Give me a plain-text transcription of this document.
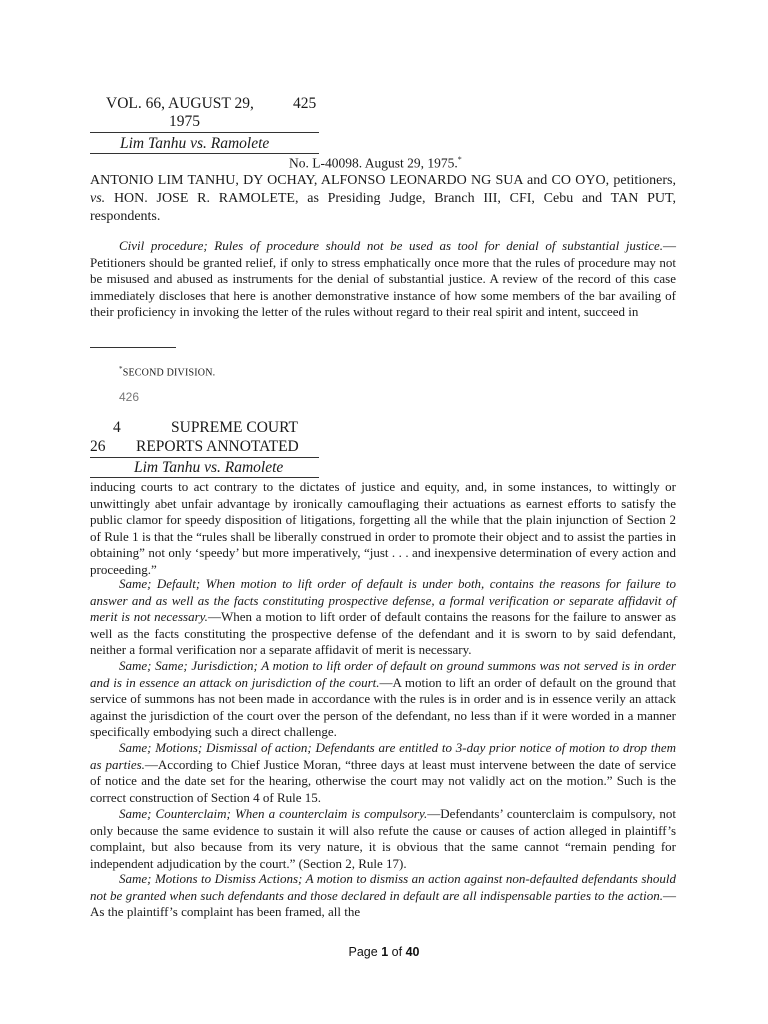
VOL. 66, AUGUST 29,	425
1975
Lim Tanhu vs. Ramolete
No. L-40098. August 29, 1975.*
ANTONIO LIM TANHU, DY OCHAY, ALFONSO LEONARDO NG SUA and CO OYO, petitioners, vs. HON. JOSE R. RAMOLETE, as Presiding Judge, Branch III, CFI, Cebu and TAN PUT, respondents.
Civil procedure; Rules of procedure should not be used as tool for denial of substantial justice.—Petitioners should be granted relief, if only to stress emphatically once more that the rules of procedure may not be misused and abused as instruments for the denial of substantial justice. A review of the record of this case immediately discloses that here is another demonstrative instance of how some members of the bar availing of their proficiency in invoking the letter of the rules without regard to their real spirit and intent, succeed in
*SECOND DIVISION.
426
4	SUPREME COURT
26 REPORTS ANNOTATED
Lim Tanhu vs. Ramolete
inducing courts to act contrary to the dictates of justice and equity, and, in some instances, to wittingly or unwittingly abet unfair advantage by ironically camouflaging their actuations as earnest efforts to satisfy the public clamor for speedy disposition of litigations, forgetting all the while that the plain injunction of Section 2 of Rule 1 is that the “rules shall be liberally construed in order to promote their object and to assist the parties in obtaining” not only ‘speedy’ but more imperatively, “just . . . and inexpensive determination of every action and proceeding.”
Same; Default; When motion to lift order of default is under both, contains the reasons for failure to answer and as well as the facts constituting prospective defense, a formal verification or separate affidavit of merit is not necessary.—When a motion to lift order of default contains the reasons for the failure to answer as well as the facts constituting the prospective defense of the defendant and it is sworn to by said defendant, neither a formal verification nor a separate affidavit of merit is necessary.
Same; Same; Jurisdiction; A motion to lift order of default on ground summons was not served is in order and is in essence an attack on jurisdiction of the court.—A motion to lift an order of default on the ground that service of summons has not been made in accordance with the rules is in order and is in essence verily an attack against the jurisdiction of the court over the person of the defendant, no less than if it were worded in a manner specifically embodying such a direct challenge.
Same; Motions; Dismissal of action; Defendants are entitled to 3-day prior notice of motion to drop them as parties.—According to Chief Justice Moran, “three days at least must intervene between the date of service of notice and the date set for the hearing, otherwise the court may not validly act on the motion.” Such is the correct construction of Section 4 of Rule 15.
Same; Counterclaim; When a counterclaim is compulsory.—Defendants’ counterclaim is compulsory, not only because the same evidence to sustain it will also refute the cause or causes of action alleged in plaintiff’s complaint, but also because from its very nature, it is obvious that the same cannot “remain pending for independent adjudication by the court.” (Section 2, Rule 17).
Same; Motions to Dismiss Actions; A motion to dismiss an action against non-defaulted defendants should not be granted when such defendants and those declared in default are all indispensable parties to the action.—As the plaintiff’s complaint has been framed, all the
Page 1 of 40
